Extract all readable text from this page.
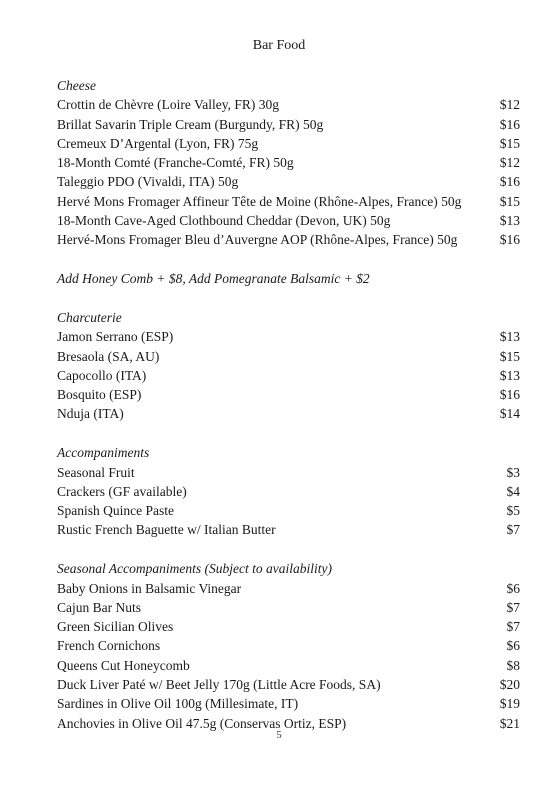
Bar Food
Cheese
Crottin de Chèvre (Loire Valley, FR) 30g	$12
Brillat Savarin Triple Cream (Burgundy, FR) 50g	$16
Cremeux D’Argental (Lyon, FR) 75g	$15
18-Month Comté (Franche-Comté, FR) 50g	$12
Taleggio PDO (Vivaldi, ITA) 50g	$16
Hervé Mons Fromager Affineur Tête de Moine (Rhône-Alpes, France) 50g	$15
18-Month Cave-Aged Clothbound Cheddar (Devon, UK) 50g	$13
Hervé-Mons Fromager Bleu d’Auvergne AOP (Rhône-Alpes, France) 50g	$16
Add Honey Comb + $8, Add Pomegranate Balsamic + $2
Charcuterie
Jamon Serrano (ESP)	$13
Bresaola (SA, AU)	$15
Capocollo (ITA)	$13
Bosquito (ESP)	$16
Nduja (ITA)	$14
Accompaniments
Seasonal Fruit	$3
Crackers (GF available)	$4
Spanish Quince Paste	$5
Rustic French Baguette w/ Italian Butter	$7
Seasonal Accompaniments (Subject to availability)
Baby Onions in Balsamic Vinegar	$6
Cajun Bar Nuts	$7
Green Sicilian Olives	$7
French Cornichons	$6
Queens Cut Honeycomb	$8
Duck Liver Paté w/ Beet Jelly 170g (Little Acre Foods, SA)	$20
Sardines in Olive Oil 100g (Millesimate, IT)	$19
Anchovies in Olive Oil 47.5g (Conservas Ortiz, ESP)	$21
5
